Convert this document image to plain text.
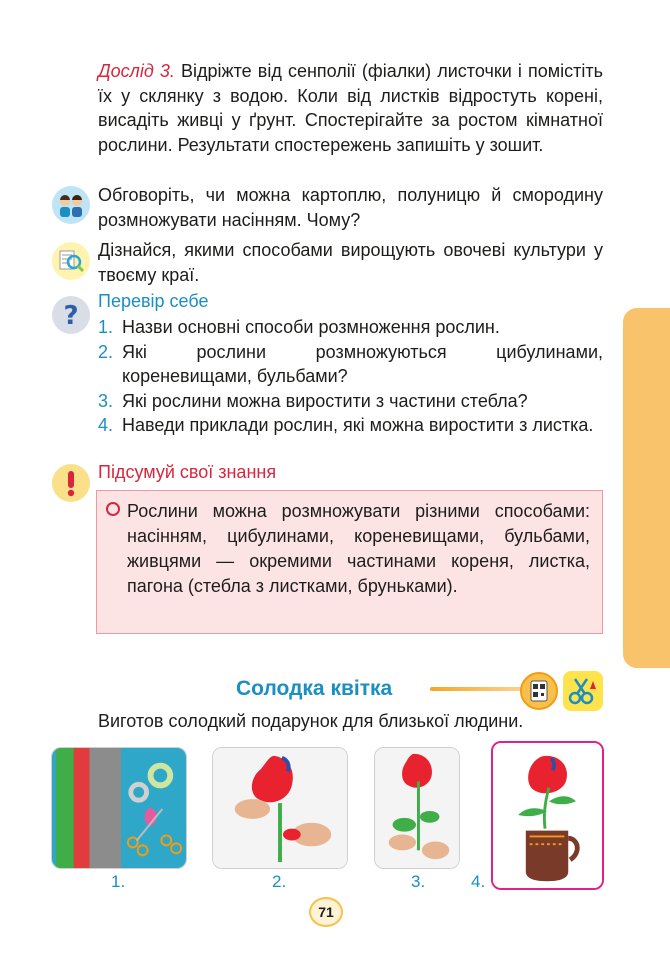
Дослід 3. Відріжте від сенполії (фіалки) листочки і помістіть їх у склянку з водою. Коли від листків відростуть корені, висадіть живці у ґрунт. Спостерігайте за ростом кімнатної рослини. Результати спостережень запишіть у зошит.

Обговоріть, чи можна картоплю, полуницю й смородину розмножувати насінням. Чому?

Дізнайся, якими способами вирощують овочеві культури у твоєму краї.

? Перевір себе
1. Назви основні способи розмноження рослин.
2. Які рослини розмножуються цибулинами, кореневищами, бульбами?
3. Які рослини можна виростити з частини стебла?
4. Наведи приклади рослин, які можна виростити з листка.
Підсумуй свої знання
Рослини можна розмножувати різними способами: насінням, цибулинами, кореневищами, бульбами, живцями — окремими частинами кореня, листка, пагона (стебла з листками, бруньками).
Солодка квітка
Виготов солодкий подарунок для близької людини.
1.	2.	3.	4.
71
